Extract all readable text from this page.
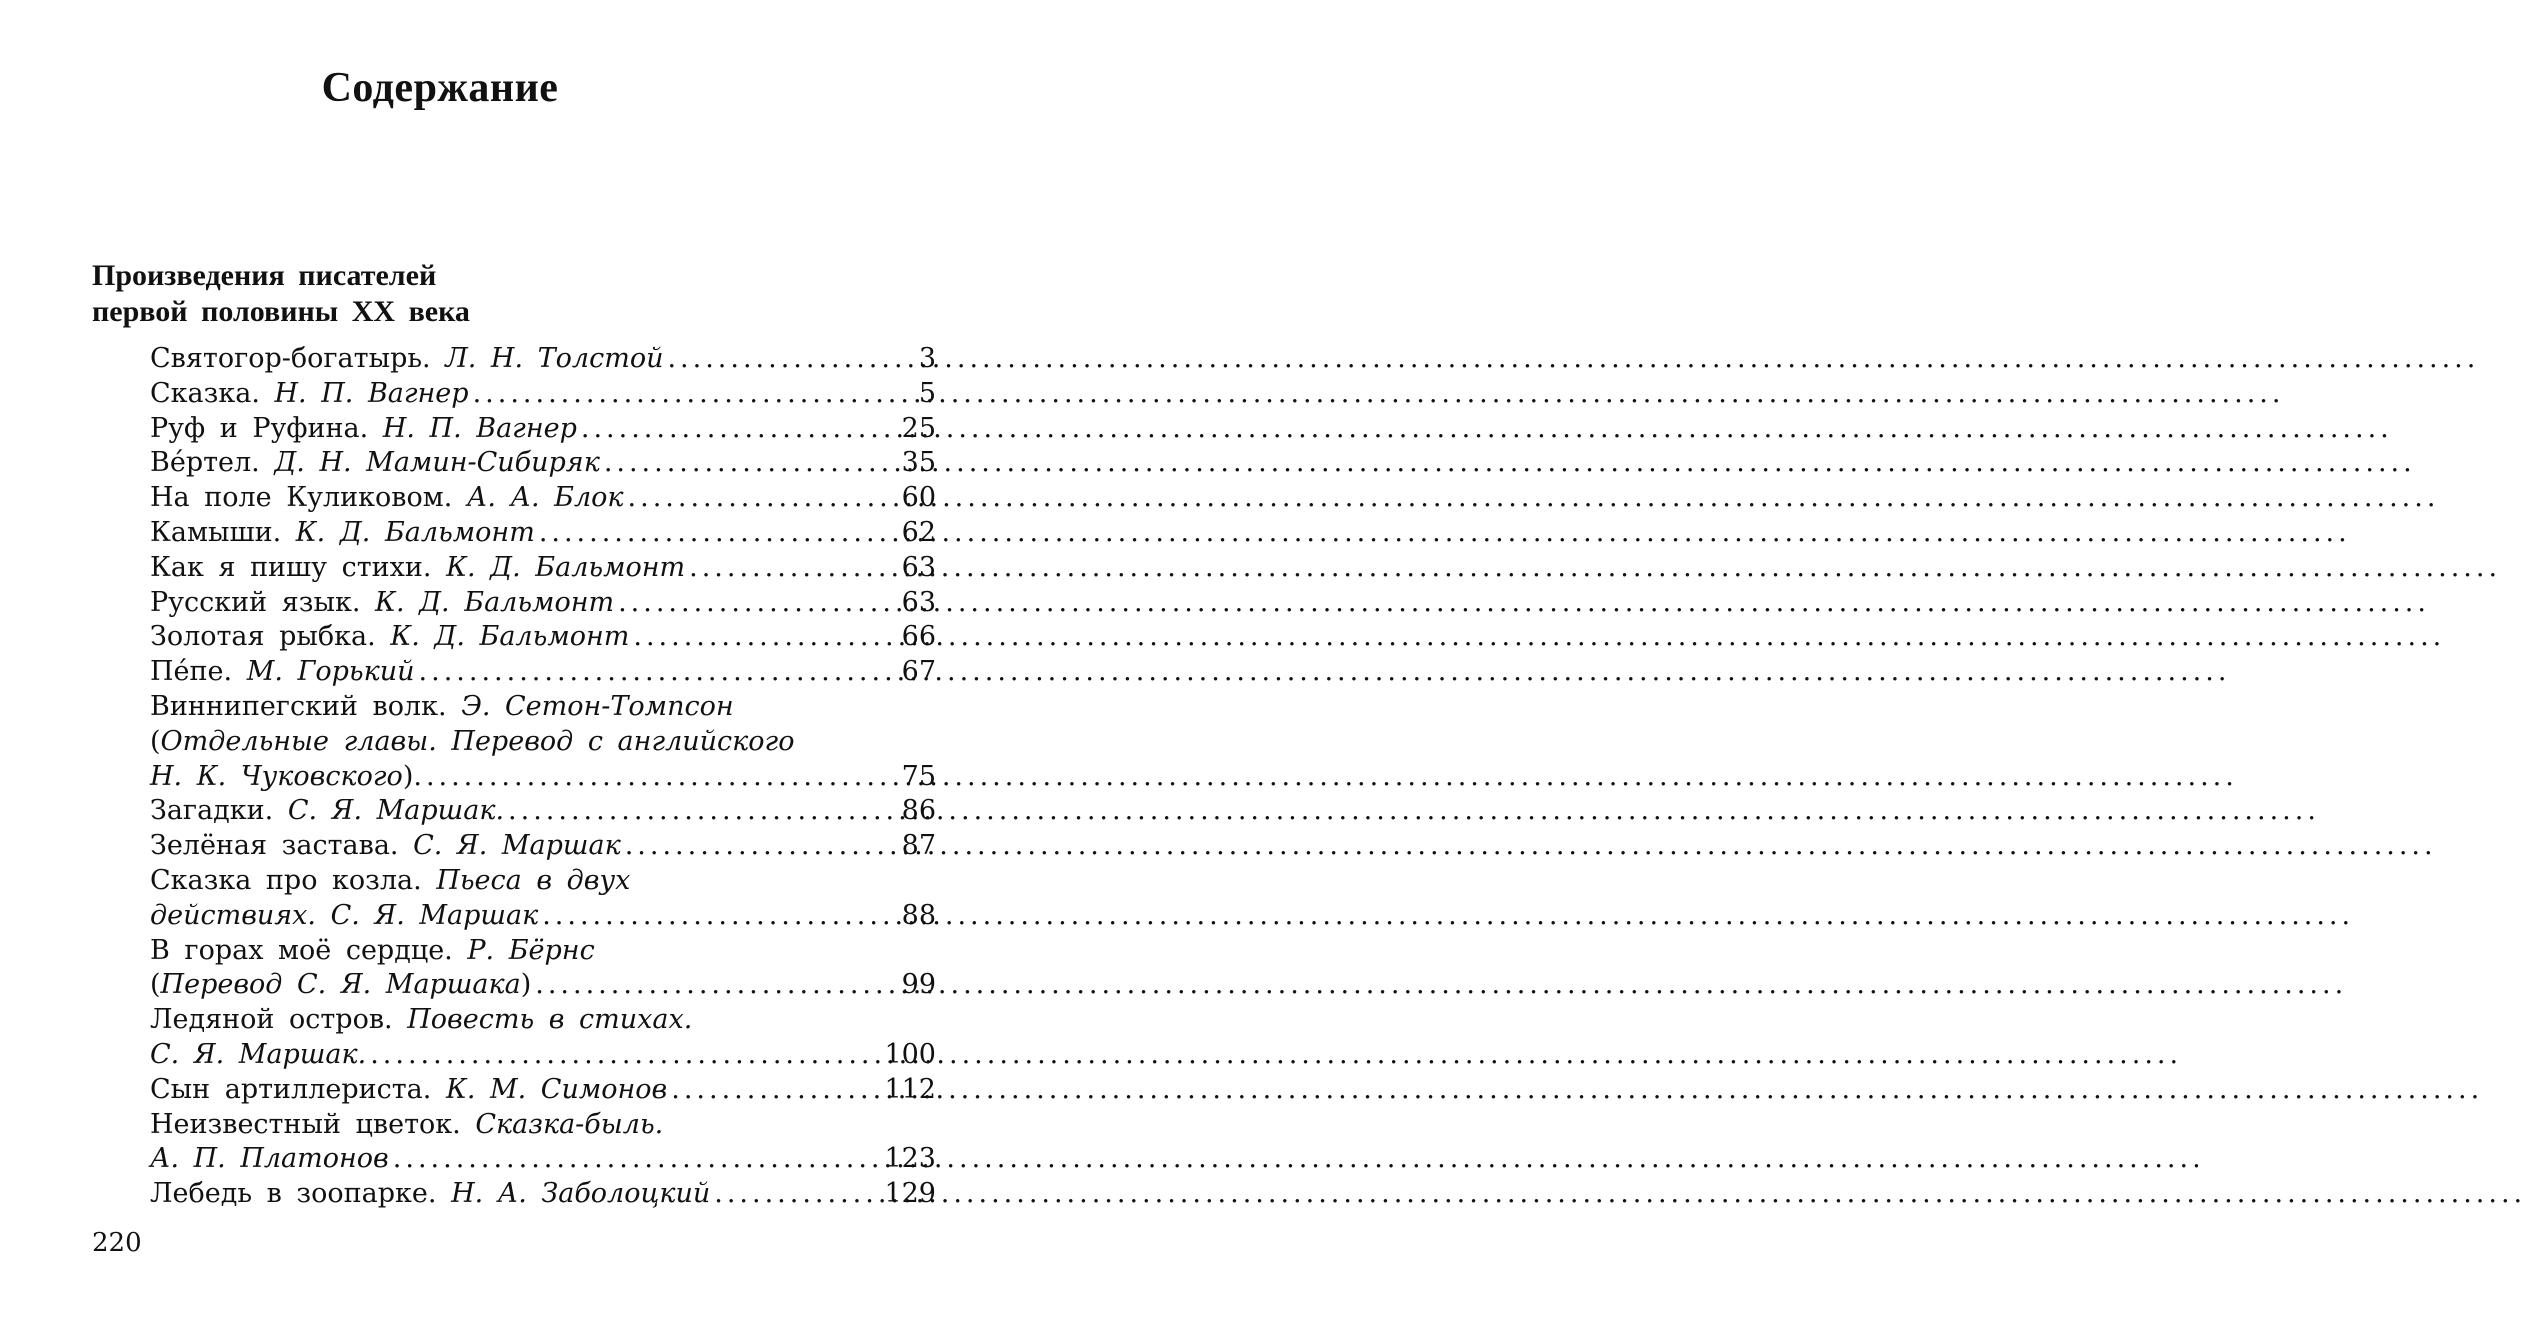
Содержание
Произведения писателей
первой половины XX века
Святогор-богатырь. Л. Н. Толстой .....	3
Сказка. Н. П. Вагнер .....	5
Руф и Руфина. Н. П. Вагнер .....	25
Вéртел. Д. Н. Мамин-Сибиряк .....	35
На поле Куликовом. А. А. Блок .....	60
Камыши. К. Д. Бальмонт .....	62
Как я пишу стихи. К. Д. Бальмонт .....	63
Русский язык. К. Д. Бальмонт .....	63
Золотая рыбка. К. Д. Бальмонт .....	66
Пéпе. М. Горький .....	67
Виннипегский волк. Э. Сетон-Томпсон
(Отдельные главы. Перевод с английского
Н. К. Чуковского). .....	75
Загадки. С. Я. Маршак. .....	86
Зелёная застава. С. Я. Маршак .....	87
Сказка про козла. Пьеса в двух
действиях. С. Я. Маршак .....	88
В горах моё сердце. Р. Бёрнс
(Перевод С. Я. Маршака) .....	99
Ледяной остров. Повесть в стихах.
С. Я. Маршак. .....	100
Сын артиллериста. К. М. Симонов .....	112
Неизвестный цветок. Сказка-быль.
А. П. Платонов .....	123
Лебедь в зоопарке. Н. А. Заболоцкий .....	129
220
